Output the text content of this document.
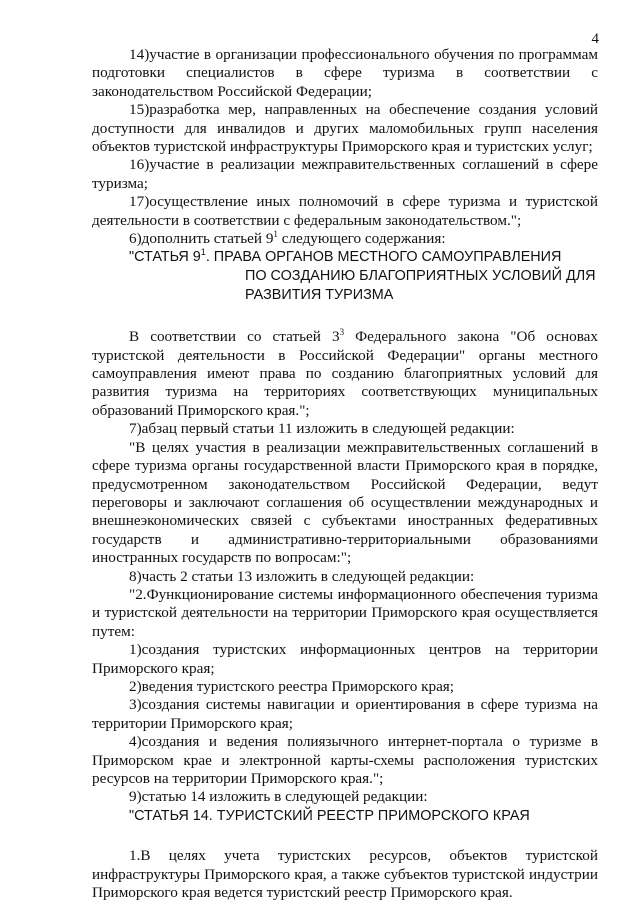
4

14)участие в организации профессионального обучения по программам подготовки специалистов в сфере туризма в соответствии с законодательством Российской Федерации;

15)разработка мер, направленных на обеспечение создания условий доступности для инвалидов и других маломобильных групп населения объектов туристской инфраструктуры Приморского края и туристских услуг;

16)участие в реализации межправительственных соглашений в сфере туризма;

17)осуществление иных полномочий в сфере туризма и туристской деятельности в соответствии с федеральным законодательством.";

6)дополнить статьей $9^1$ следующего содержания:

"СТАТЬЯ $9^1$. ПРАВА ОРГАНОВ МЕСТНОГО САМОУПРАВЛЕНИЯ
ПО СОЗДАНИЮ БЛАГОПРИЯТНЫХ УСЛОВИЙ ДЛЯ
РАЗВИТИЯ ТУРИЗМА

В соответствии со статьей $3^3$ Федерального закона "Об основах туристской деятельности в Российской Федерации" органы местного самоуправления имеют права по созданию благоприятных условий для развития туризма на территориях соответствующих муниципальных образований Приморского края.";

7)абзац первый статьи 11 изложить в следующей редакции:

"В целях участия в реализации межправительственных соглашений в сфере туризма органы государственной власти Приморского края в порядке, предусмотренном законодательством Российской Федерации, ведут переговоры и заключают соглашения об осуществлении международных и внешнеэкономических связей с субъектами иностранных федеративных государств и административно-территориальными образованиями иностранных государств по вопросам:";

8)часть 2 статьи 13 изложить в следующей редакции:

"2.Функционирование системы информационного обеспечения туризма и туристской деятельности на территории Приморского края осуществляется путем:

1)создания туристских информационных центров на территории Приморского края;

2)ведения туристского реестра Приморского края;

3)создания системы навигации и ориентирования в сфере туризма на территории Приморского края;

4)создания и ведения полиязычного интернет-портала о туризме в Приморском крае и электронной карты-схемы расположения туристских ресурсов на территории Приморского края.";

9)статью 14 изложить в следующей редакции:

"СТАТЬЯ 14. ТУРИСТСКИЙ РЕЕСТР ПРИМОРСКОГО КРАЯ

1.В целях учета туристских ресурсов, объектов туристской инфраструктуры Приморского края, а также субъектов туристской индустрии Приморского края ведется туристский реестр Приморского края.
